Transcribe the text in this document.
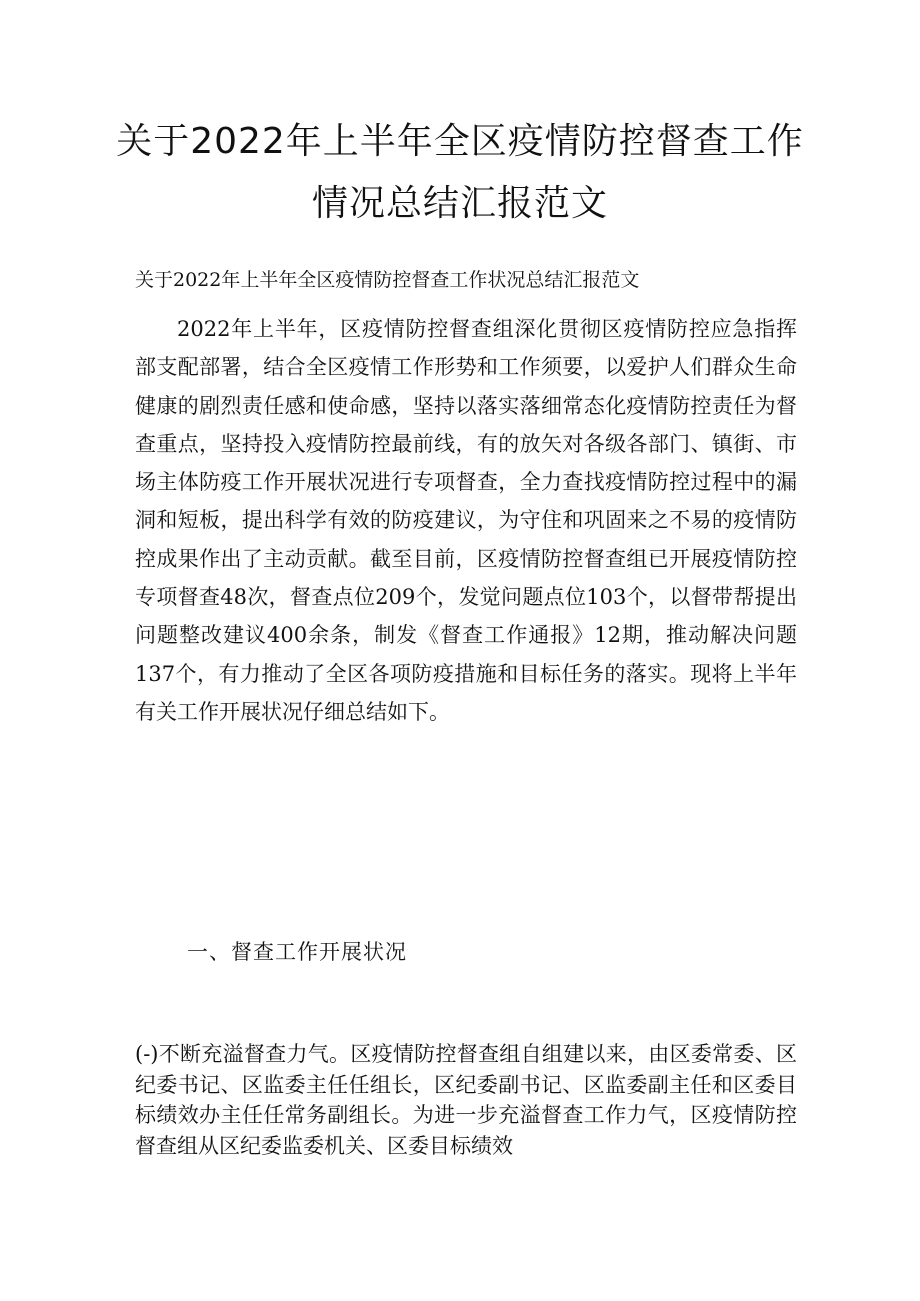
关于2022年上半年全区疫情防控督查工作
情况总结汇报范文
关于2022年上半年全区疫情防控督查工作状况总结汇报范文

2022年上半年，区疫情防控督查组深化贯彻区疫情防控应急指挥部支配部署，结合全区疫情工作形势和工作须要，以爱护人们群众生命健康的剧烈责任感和使命感，坚持以落实落细常态化疫情防控责任为督查重点，坚持投入疫情防控最前线，有的放矢对各级各部门、镇街、市场主体防疫工作开展状况进行专项督查，全力查找疫情防控过程中的漏洞和短板，提出科学有效的防疫建议，为守住和巩固来之不易的疫情防控成果作出了主动贡献。截至目前，区疫情防控督查组已开展疫情防控专项督查48次，督查点位209个，发觉问题点位103个，以督带帮提出问题整改建议400余条，制发《督查工作通报》12期，推动解决问题137个，有力推动了全区各项防疫措施和目标任务的落实。现将上半年有关工作开展状况仔细总结如下。

一、督查工作开展状况

(-)不断充溢督查力气。区疫情防控督查组自组建以来，由区委常委、区纪委书记、区监委主任任组长，区纪委副书记、区监委副主任和区委目标绩效办主任任常务副组长。为进一步充溢督查工作力气，区疫情防控督查组从区纪委监委机关、区委目标绩效
